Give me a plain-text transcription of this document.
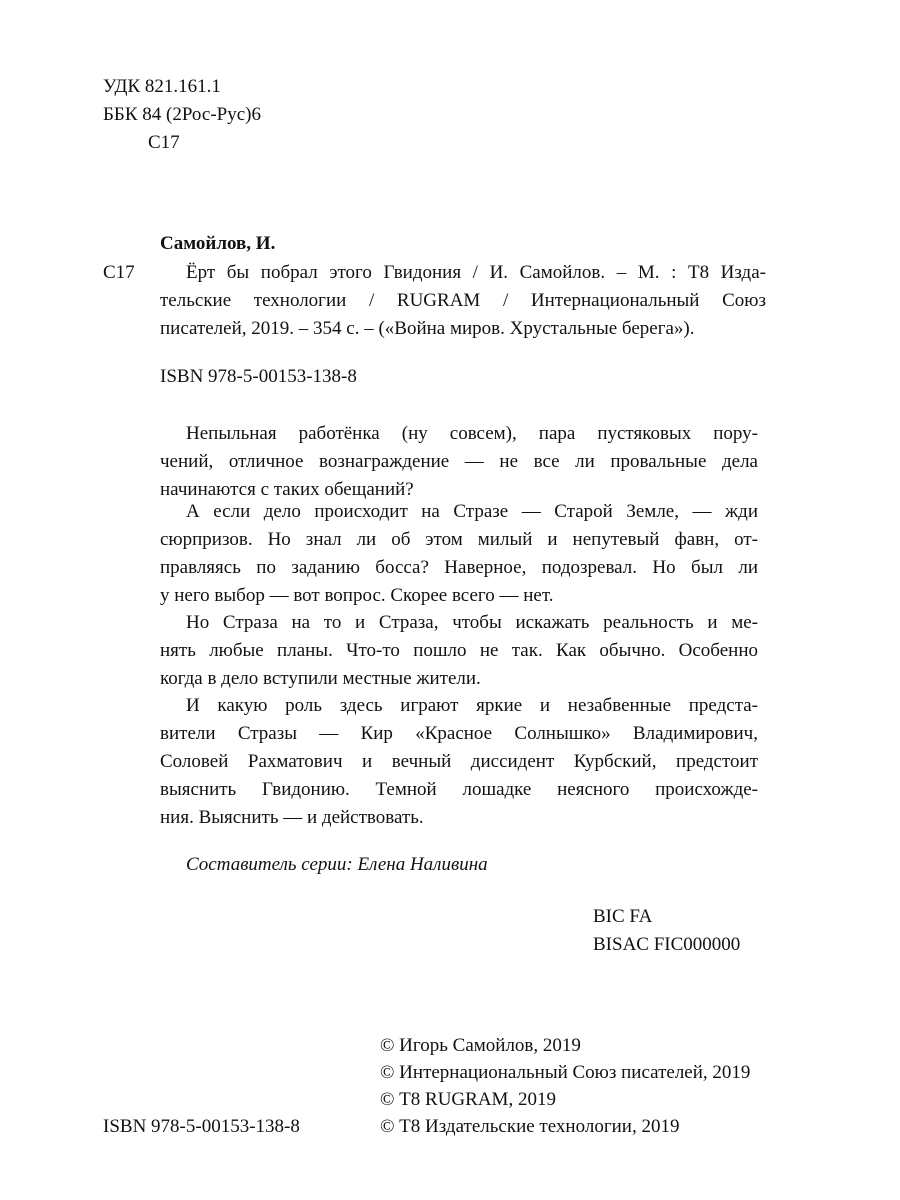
УДК 821.161.1
ББК 84 (2Рос-Рус)6
С17
Самойлов, И.
С17	Ёрт бы побрал этого Гвидония / И. Самойлов. – М. : Т8 Изда-
тельские технологии / RUGRAM / Интернациональный Союз
писателей, 2019. – 354 с. – («Война миров. Хрустальные берега»).
ISBN 978-5-00153-138-8
Непыльная работёнка (ну совсем), пара пустяковых пору-
чений, отличное вознаграждение — не все ли провальные дела
начинаются с таких обещаний?
А если дело происходит на Стразе — Старой Земле, — жди
сюрпризов. Но знал ли об этом милый и непутевый фавн, от-
правляясь по заданию босса? Наверное, подозревал. Но был ли
у него выбор — вот вопрос. Скорее всего — нет.
Но Страза на то и Страза, чтобы искажать реальность и ме-
нять любые планы. Что-то пошло не так. Как обычно. Особенно
когда в дело вступили местные жители.
И какую роль здесь играют яркие и незабвенные предста-
вители Стразы — Кир «Красное Солнышко» Владимирович,
Соловей Рахматович и вечный диссидент Курбский, предстоит
выяснить Гвидонию. Темной лошадке неясного происхожде-
ния. Выяснить — и действовать.
Составитель серии: Елена Наливина
BIC FA
BISAC FIC000000
© Игорь Самойлов, 2019
© Интернациональный Союз писателей, 2019
© Т8 RUGRAM, 2019
© Т8 Издательские технологии, 2019
ISBN 978-5-00153-138-8
